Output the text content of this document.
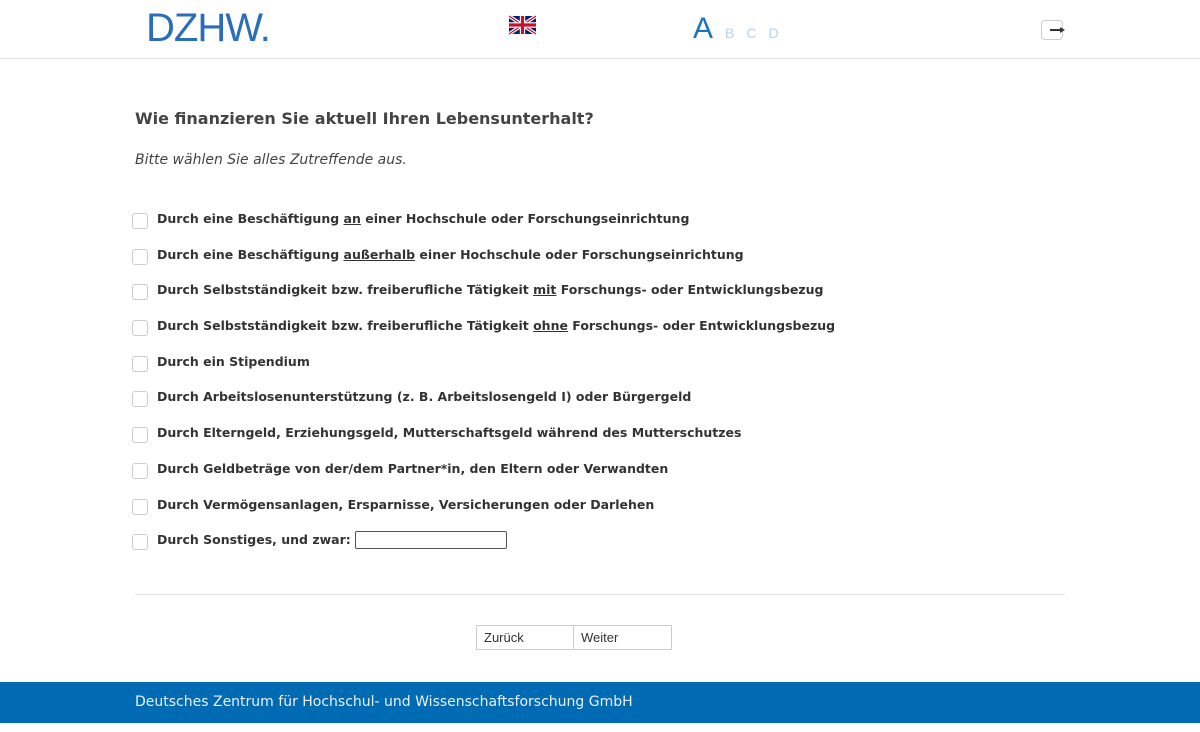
DZHW.	A B C D
Wie finanzieren Sie aktuell Ihren Lebensunterhalt?
Bitte wählen Sie alles Zutreffende aus.
Durch eine Beschäftigung an einer Hochschule oder Forschungseinrichtung
Durch eine Beschäftigung außerhalb einer Hochschule oder Forschungseinrichtung
Durch Selbstständigkeit bzw. freiberufliche Tätigkeit mit Forschungs- oder Entwicklungsbezug
Durch Selbstständigkeit bzw. freiberufliche Tätigkeit ohne Forschungs- oder Entwicklungsbezug
Durch ein Stipendium
Durch Arbeitslosenunterstützung (z. B. Arbeitslosengeld I) oder Bürgergeld
Durch Elterngeld, Erziehungsgeld, Mutterschaftsgeld während des Mutterschutzes
Durch Geldbeträge von der/dem Partner*in, den Eltern oder Verwandten
Durch Vermögensanlagen, Ersparnisse, Versicherungen oder Darlehen
Durch Sonstiges, und zwar:
Zurück	Weiter
Deutsches Zentrum für Hochschul- und Wissenschaftsforschung GmbH
